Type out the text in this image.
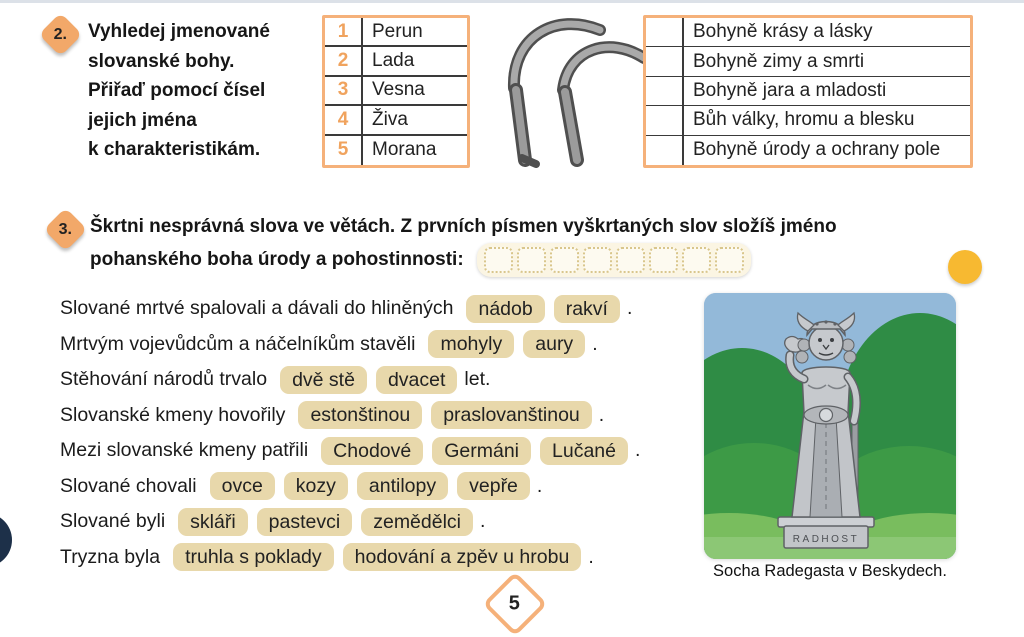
2. Vyhledej jmenované
slovanské bohy.
Přiřaď pomocí čísel
jejich jména
k charakteristikám.
1	Perun
2	Lada
3	Vesna
4	Živa
5	Morana
Bohyně krásy a lásky
Bohyně zimy a smrti
Bohyně jara a mladosti
Bůh války, hromu a blesku
Bohyně úrody a ochrany pole
3. Škrtni nesprávná slova ve větách. Z prvních písmen vyškrtaných slov složíš jméno
pohanského boha úrody a pohostinnosti:
Slované mrtvé spalovali a dávali do hliněných	nádob	rakví .
Mrtvým vojevůdcům a náčelníkům stavěli	mohyly	aury .
Stěhování národů trvalo	dvě stě	dvacet let.
Slovanské kmeny hovořily	estonštinou	praslovanštinou .
Mezi slovanské kmeny patřili	Chodové	Germáni	Lučané .
Slované chovali	ovce	kozy	antilopy	vepře .
Slované byli	skláři	pastevci	zemědělci .
Tryzna byla	truhla s poklady	hodování a zpěv u hrobu .
RADHOST
Socha Radegasta v Beskydech.
5
